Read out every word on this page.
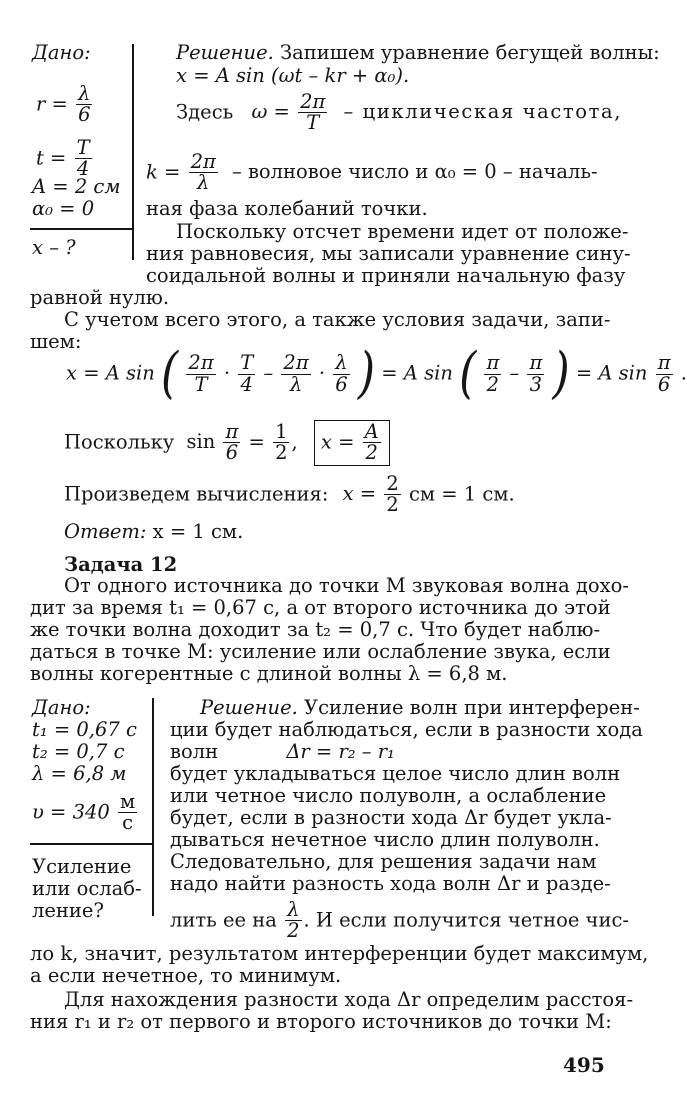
Дано:
$r = \frac{\lambda}{6}$
$t = \frac{T}{4}$
A = 2 см
α₀ = 0
x – ?
Решение. Запишем уравнение бегущей волны:
x = A sin (ωt – kr + α₀).
Здесь $\omega = \frac{2\pi}{T}$ – циклическая частота,
$k = \frac{2\pi}{\lambda}$ – волновое число и α₀ = 0 – началь-
ная фаза колебаний точки.
Поскольку отсчет времени идет от положе-
ния равновесия, мы записали уравнение сину-
соидальной волны и приняли начальную фазу
равной нулю.
С учетом всего этого, а также условия задачи, запи-
шем:
x = A sin ( $\frac{2\pi}{T} \cdot \frac{T}{4} - \frac{2\pi}{\lambda} \cdot \frac{\lambda}{6}$ ) = A sin ( $\frac{\pi}{2} - \frac{\pi}{3}$ ) = A $\sin \frac{\pi}{6}$ .
Поскольку $\sin \frac{\pi}{6} = \frac{1}{2}$ , $x = \frac{A}{2}$
Произведем вычисления: $x = \frac{2}{2}$ см = 1 см.
Ответ: x = 1 см.
Задача 12
От одного источника до точки М звуковая волна дохо-
дит за время t₁ = 0,67 с, а от второго источника до этой
же точки волна доходит за t₂ = 0,7 с. Что будет наблю-
даться в точке М: усиление или ослабление звука, если
волны когерентные с длиной волны λ = 6,8 м.
Дано:
t₁ = 0,67 с
t₂ = 0,7 с
λ = 6,8 м
$\upsilon = 340 \frac{м}{с}$
Усиление
или ослаб-
ление?
Решение. Усиление волн при интерферен-
ции будет наблюдаться, если в разности хода
волн	Δr = r₂ – r₁
будет укладываться целое число длин волн
или четное число полуволн, а ослабление
будет, если в разности хода Δr будет укла-
дываться нечетное число длин полуволн.
Следовательно, для решения задачи нам
надо найти разность хода волн Δr и разде-
лить ее на $\frac{\lambda}{2}$ . И если получится четное чис-
ло k, значит, результатом интерференции будет максимум,
а если нечетное, то минимум.
Для нахождения разности хода Δr определим расстоя-
ния r₁ и r₂ от первого и второго источников до точки М:
495
